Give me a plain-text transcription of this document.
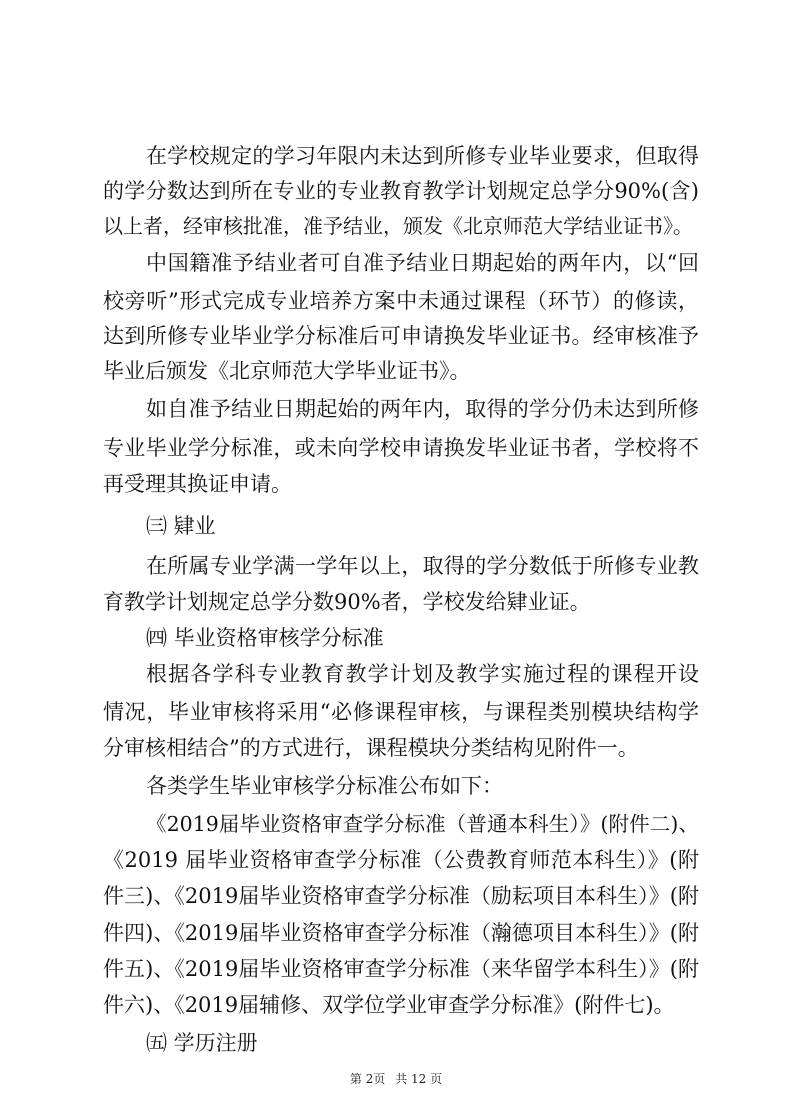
在学校规定的学习年限内未达到所修专业毕业要求，但取得
的学分数达到所在专业的专业教育教学计划规定总学分90%(含)
以上者，经审核批准，准予结业，颁发《北京师范大学结业证书》。
中国籍准予结业者可自准予结业日期起始的两年内，以“回
校旁听”形式完成专业培养方案中未通过课程（环节）的修读，
达到所修专业毕业学分标准后可申请换发毕业证书。经审核准予
毕业后颁发《北京师范大学毕业证书》。
如自准予结业日期起始的两年内，取得的学分仍未达到所修
专业毕业学分标准，或未向学校申请换发毕业证书者，学校将不
再受理其换证申请。
㈢ 肄业
在所属专业学满一学年以上，取得的学分数低于所修专业教
育教学计划规定总学分数90%者，学校发给肄业证。
㈣ 毕业资格审核学分标准
根据各学科专业教育教学计划及教学实施过程的课程开设
情况，毕业审核将采用“必修课程审核，与课程类别模块结构学
分审核相结合”的方式进行，课程模块分类结构见附件一。
各类学生毕业审核学分标准公布如下：
《2019届毕业资格审查学分标准（普通本科生）》(附件二)、
《2019 届毕业资格审查学分标准（公费教育师范本科生）》(附
件三)、《2019届毕业资格审查学分标准（励耘项目本科生）》(附
件四)、《2019届毕业资格审查学分标准（瀚德项目本科生）》(附
件五)、《2019届毕业资格审查学分标准（来华留学本科生）》(附
件六)、《2019届辅修、双学位学业审查学分标准》(附件七)。
㈤ 学历注册
第 2页 共 12 页
